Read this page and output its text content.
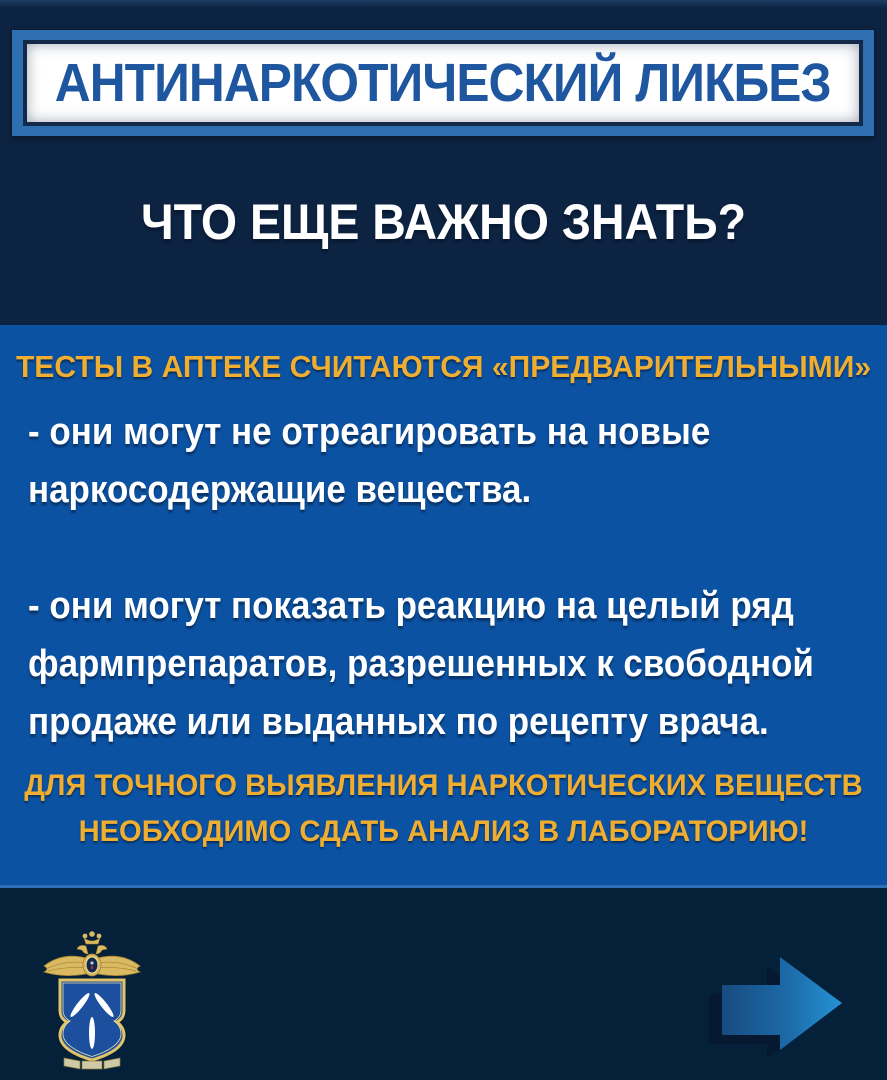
АНТИНАРКОТИЧЕСКИЙ ЛИКБЕЗ
ЧТО ЕЩЕ ВАЖНО ЗНАТЬ?
ТЕСТЫ В АПТЕКЕ СЧИТАЮТСЯ «ПРЕДВАРИТЕЛЬНЫМИ»
- они могут не отреагировать на новые
наркосодержащие вещества.
- они могут показать реакцию на целый ряд
фармпрепаратов, разрешенных к свободной
продаже или выданных по рецепту врача.
ДЛЯ ТОЧНОГО ВЫЯВЛЕНИЯ НАРКОТИЧЕСКИХ ВЕЩЕСТВ
НЕОБХОДИМО СДАТЬ АНАЛИЗ В ЛАБОРАТОРИЮ!
